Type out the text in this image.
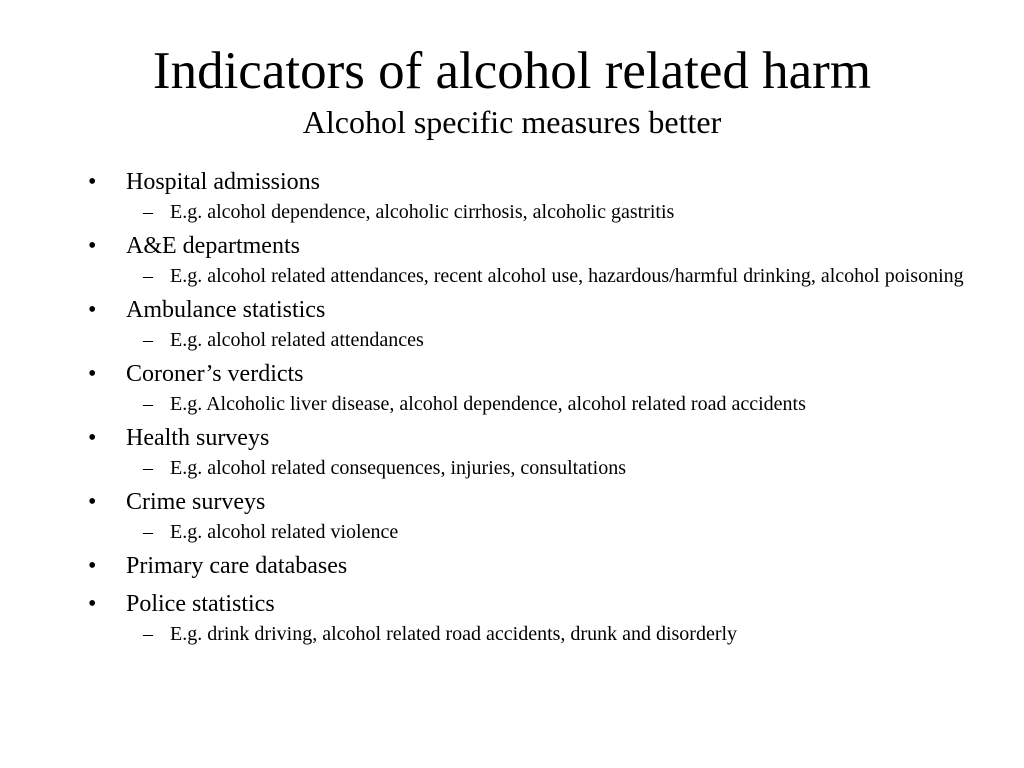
Indicators of alcohol related harm
Alcohol specific measures better
•	Hospital admissions
– E.g. alcohol dependence, alcoholic cirrhosis, alcoholic gastritis
•	A&E departments
– E.g. alcohol related attendances, recent alcohol use, hazardous/harmful drinking, alcohol poisoning
•	Ambulance statistics
– E.g. alcohol related attendances
•	Coroner’s verdicts
– E.g. Alcoholic liver disease, alcohol dependence, alcohol related road accidents
•	Health surveys
– E.g. alcohol related consequences, injuries, consultations
•	Crime surveys
– E.g. alcohol related violence
•	Primary care databases
•	Police statistics
– E.g. drink driving, alcohol related road accidents, drunk and disorderly
